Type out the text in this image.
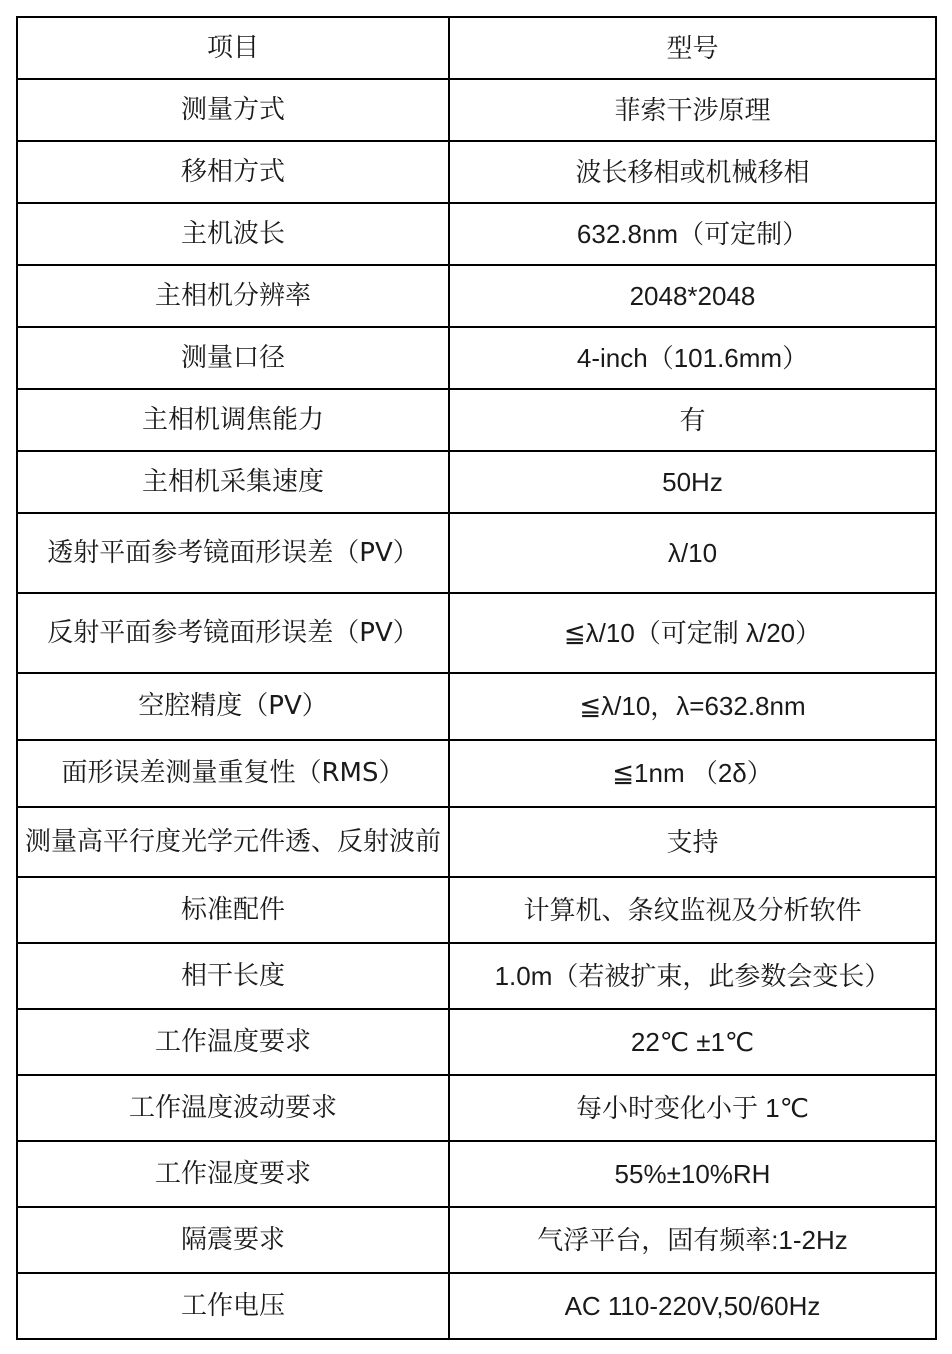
项目	型号
测量方式	菲索干涉原理
移相方式	波长移相或机械移相
主机波长	632.8nm（可定制）
主相机分辨率	2048*2048
测量口径	4-inch（101.6mm）
主相机调焦能力	有
主相机采集速度	50Hz
透射平面参考镜面形误差（PV）	λ/10
反射平面参考镜面形误差（PV）	≦λ/10（可定制 λ/20）
空腔精度（PV）	≦λ/10，λ=632.8nm
面形误差测量重复性（RMS）	≦1nm （2δ）
测量高平行度光学元件透、反射波前	支持
标准配件	计算机、条纹监视及分析软件
相干长度	1.0m（若被扩束，此参数会变长）
工作温度要求	22℃ ±1℃
工作温度波动要求	每小时变化小于 1℃
工作湿度要求	55%±10%RH
隔震要求	气浮平台，固有频率:1-2Hz
工作电压	AC 110-220V,50/60Hz
